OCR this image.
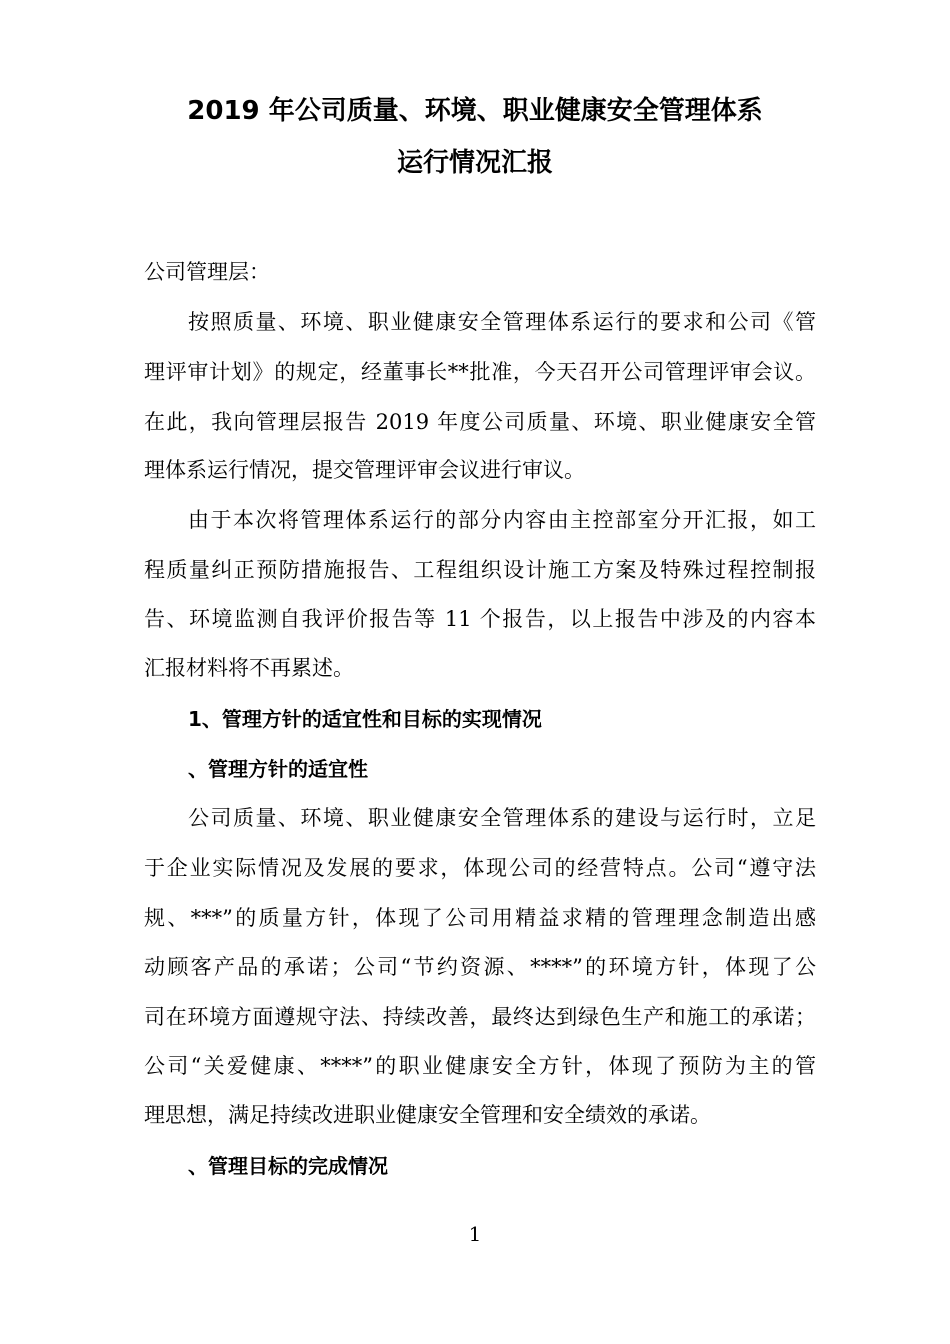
2019 年公司质量、环境、职业健康安全管理体系
运行情况汇报
公司管理层：
按照质量、环境、职业健康安全管理体系运行的要求和公司《管
理评审计划》的规定，经董事长**批准，今天召开公司管理评审会议。
在此，我向管理层报告 2019 年度公司质量、环境、职业健康安全管
理体系运行情况，提交管理评审会议进行审议。
由于本次将管理体系运行的部分内容由主控部室分开汇报，如工
程质量纠正预防措施报告、工程组织设计施工方案及特殊过程控制报
告、环境监测自我评价报告等 11 个报告，以上报告中涉及的内容本
汇报材料将不再累述。
1、管理方针的适宜性和目标的实现情况
、管理方针的适宜性
公司质量、环境、职业健康安全管理体系的建设与运行时，立足
于企业实际情况及发展的要求，体现公司的经营特点。公司“遵守法
规、***”的质量方针，体现了公司用精益求精的管理理念制造出感
动顾客产品的承诺；公司“节约资源、****”的环境方针，体现了公
司在环境方面遵规守法、持续改善，最终达到绿色生产和施工的承诺；
公司“关爱健康、****”的职业健康安全方针，体现了预防为主的管
理思想，满足持续改进职业健康安全管理和安全绩效的承诺。
、管理目标的完成情况
1
